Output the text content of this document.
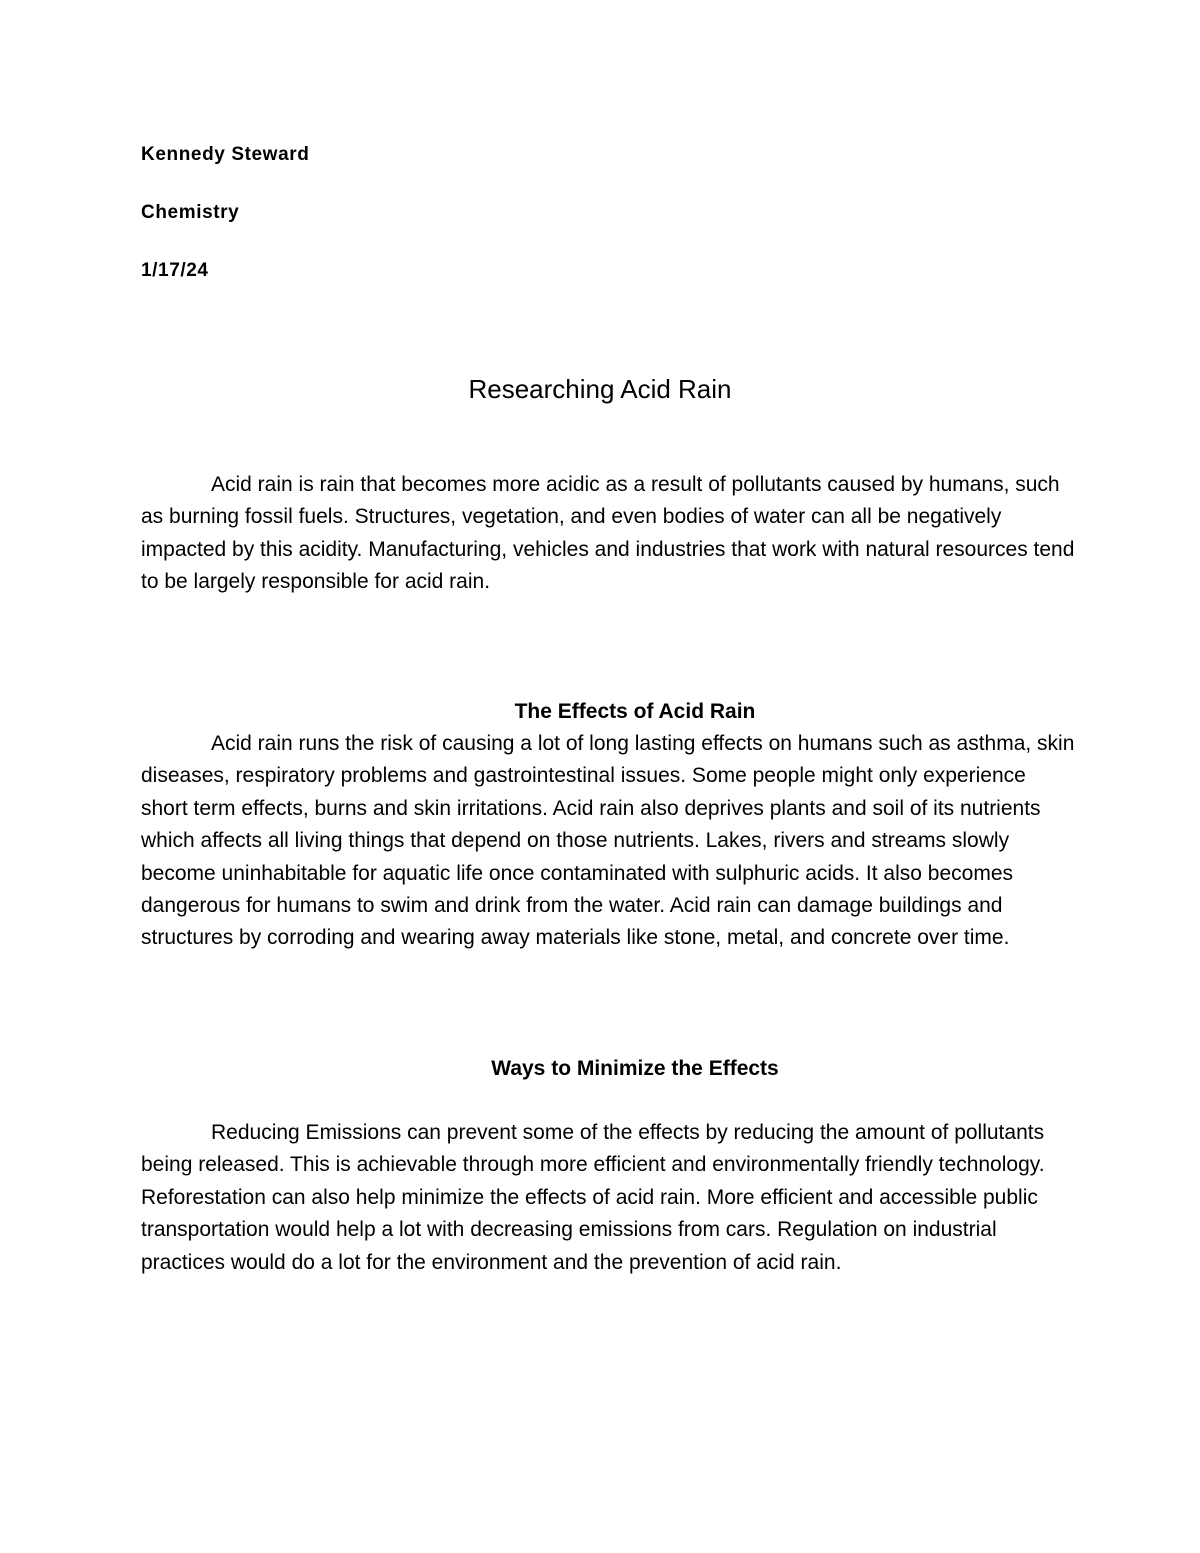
Kennedy Steward
Chemistry
1/17/24
Researching Acid Rain

Acid rain is rain that becomes more acidic as a result of pollutants caused by humans, such as burning fossil fuels. Structures, vegetation, and even bodies of water can all be negatively impacted by this acidity. Manufacturing, vehicles and industries that work with natural resources tend to be largely responsible for acid rain.

The Effects of Acid Rain

Acid rain runs the risk of causing a lot of long lasting effects on humans such as asthma, skin diseases, respiratory problems and gastrointestinal issues. Some people might only experience short term effects, burns and skin irritations. Acid rain also deprives plants and soil of its nutrients which affects all living things that depend on those nutrients. Lakes, rivers and streams slowly become uninhabitable for aquatic life once contaminated with sulphuric acids. It also becomes dangerous for humans to swim and drink from the water. Acid rain can damage buildings and structures by corroding and wearing away materials like stone, metal, and concrete over time.

Ways to Minimize the Effects

Reducing Emissions can prevent some of the effects by reducing the amount of pollutants being released. This is achievable through more efficient and environmentally friendly technology. Reforestation can also help minimize the effects of acid rain. More efficient and accessible public transportation would help a lot with decreasing emissions from cars. Regulation on industrial practices would do a lot for the environment and the prevention of acid rain.
